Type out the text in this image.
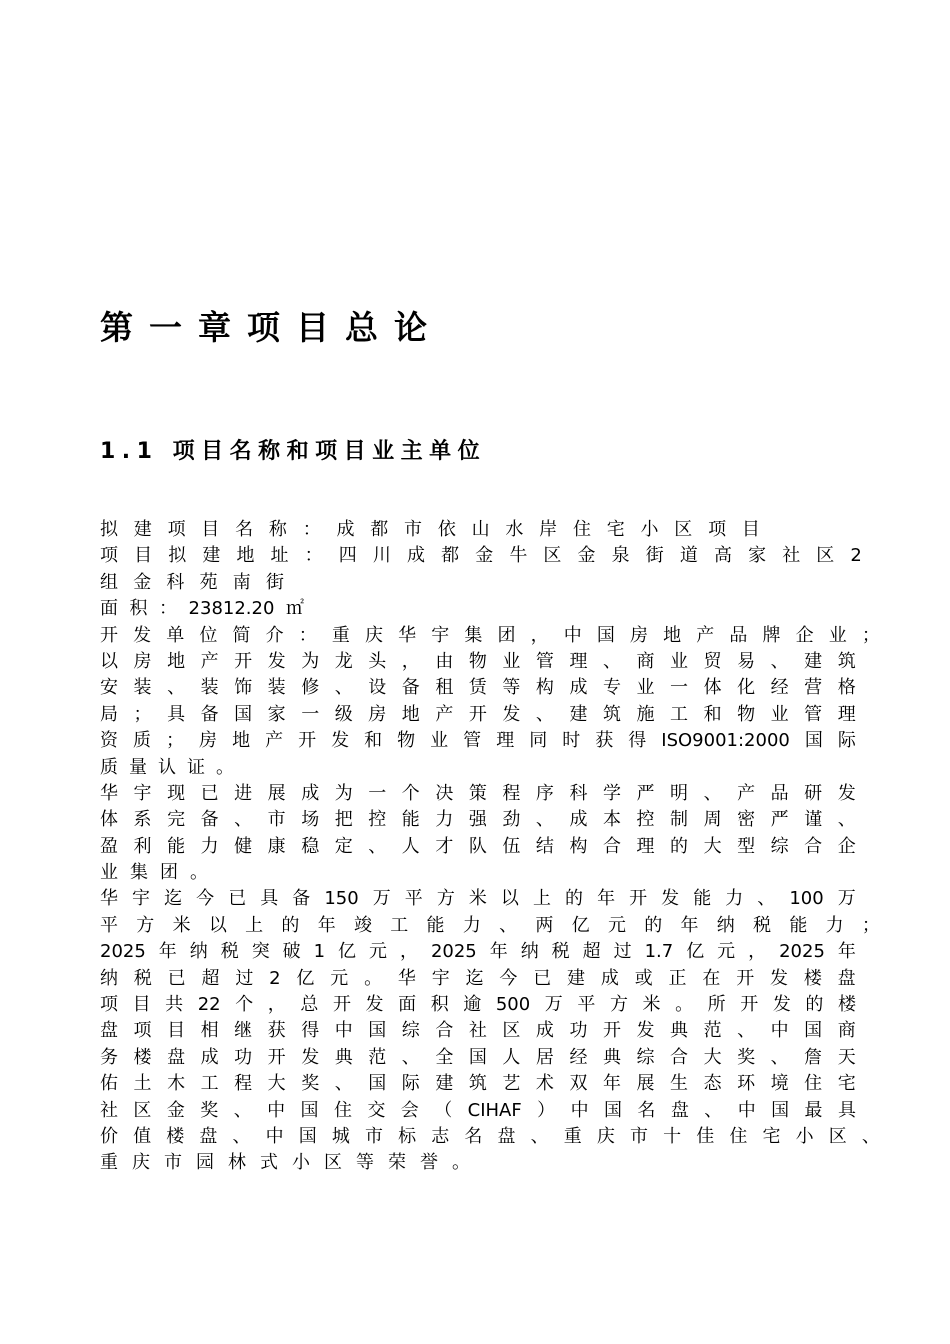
第一章项目总论
1.1 项目名称和项目业主单位
拟 建 项 目 名 称 ： 成 都 市 依 山 水 岸 住 宅 小 区 项 目
项 目 拟 建 地 址 ： 四 川 成 都 金 牛 区 金 泉 街 道 高 家 社 区 2
组 金 科 苑 南 街
面 积 ： 23812.20 ㎡
开 发 单 位 简 介 ： 重 庆 华 宇 集 团 ， 中 国 房 地 产 品 牌 企 业 ；
以 房 地 产 开 发 为 龙 头 ， 由 物 业 管 理 、 商 业 贸 易 、 建 筑
安 装 、 装 饰 装 修 、 设 备 租 赁 等 构 成 专 业 一 体 化 经 营 格
局 ； 具 备 国 家 一 级 房 地 产 开 发 、 建 筑 施 工 和 物 业 管 理
资 质 ； 房 地 产 开 发 和 物 业 管 理 同 时 获 得 ISO9001:2000 国 际
质 量 认 证 。
华 宇 现 已 进 展 成 为 一 个 决 策 程 序 科 学 严 明 、 产 品 研 发
体 系 完 备 、 市 场 把 控 能 力 强 劲 、 成 本 控 制 周 密 严 谨 、
盈 利 能 力 健 康 稳 定 、 人 才 队 伍 结 构 合 理 的 大 型 综 合 企
业 集 团 。
华 宇 迄 今 已 具 备 150 万 平 方 米 以 上 的 年 开 发 能 力 、 100 万
平 方 米 以 上 的 年 竣 工 能 力 、 两 亿 元 的 年 纳 税 能 力 ；
2025 年 纳 税 突 破 1 亿 元 ， 2025 年 纳 税 超 过 1.7 亿 元 ， 2025 年
纳 税 已 超 过 2 亿 元 。 华 宇 迄 今 已 建 成 或 正 在 开 发 楼 盘
项 目 共 22 个 ， 总 开 发 面 积 逾 500 万 平 方 米 。 所 开 发 的 楼
盘 项 目 相 继 获 得 中 国 综 合 社 区 成 功 开 发 典 范 、 中 国 商
务 楼 盘 成 功 开 发 典 范 、 全 国 人 居 经 典 综 合 大 奖 、 詹 天
佑 土 木 工 程 大 奖 、 国 际 建 筑 艺 术 双 年 展 生 态 环 境 住 宅
社 区 金 奖 、 中 国 住 交 会 （ CIHAF ） 中 国 名 盘 、 中 国 最 具
价 值 楼 盘 、 中 国 城 市 标 志 名 盘 、 重 庆 市 十 佳 住 宅 小 区 、
重 庆 市 园 林 式 小 区 等 荣 誉 。
